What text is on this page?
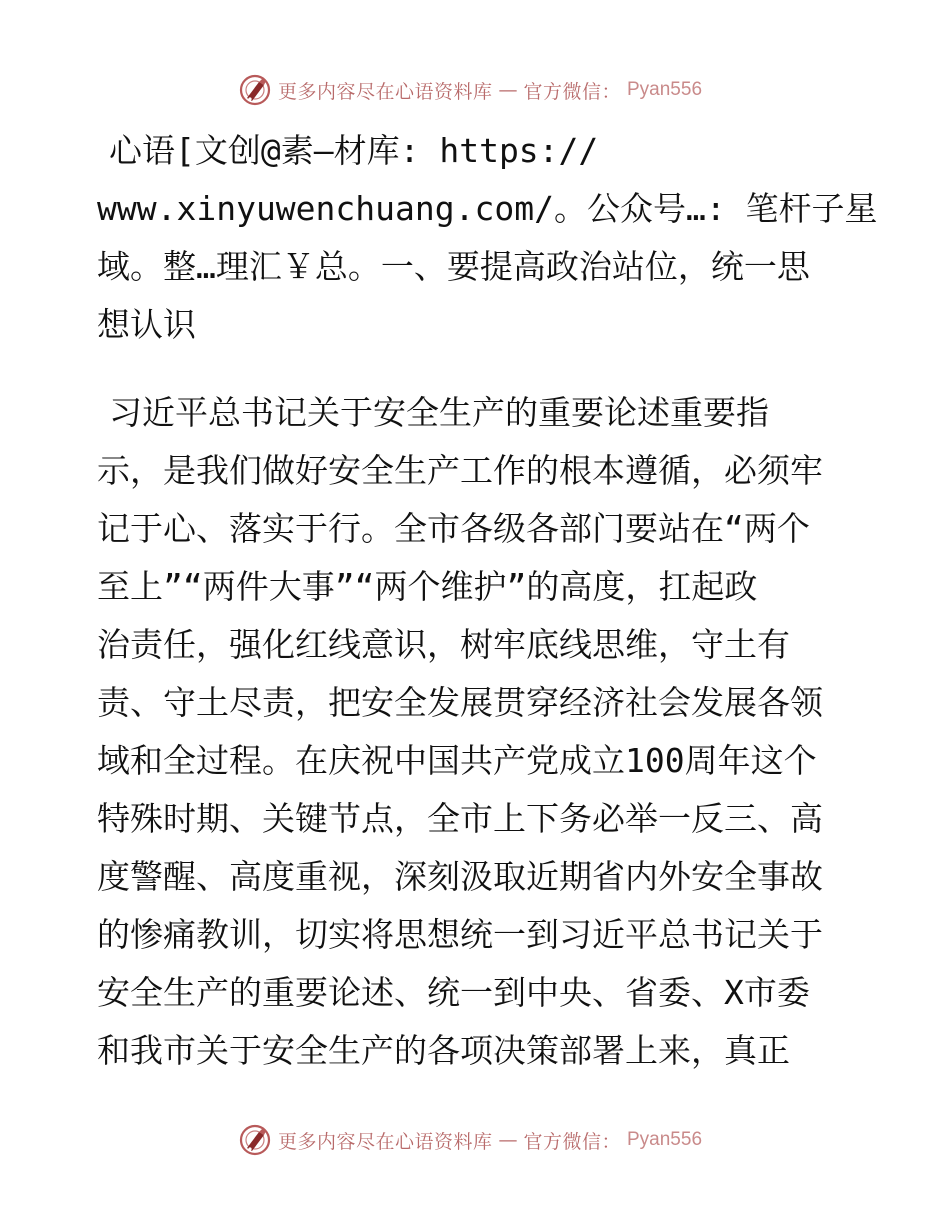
更多内容尽在心语资料库 — 官方微信： Pyan556

心语[文创@素—材库: https://
www.xinyuwenchuang.com/。公众号…: 笔杆子星
域。整…理汇￥总。一、要提高政治站位，统一思
想认识

习近平总书记关于安全生产的重要论述重要指
示，是我们做好安全生产工作的根本遵循，必须牢
记于心、落实于行。全市各级各部门要站在“两个
至上”“两件大事”“两个维护”的高度，扛起政
治责任，强化红线意识，树牢底线思维，守土有
责、守土尽责，把安全发展贯穿经济社会发展各领
域和全过程。在庆祝中国共产党成立100周年这个
特殊时期、关键节点，全市上下务必举一反三、高
度警醒、高度重视，深刻汲取近期省内外安全事故
的惨痛教训，切实将思想统一到习近平总书记关于
安全生产的重要论述、统一到中央、省委、X市委
和我市关于安全生产的各项决策部署上来，真正

更多内容尽在心语资料库 — 官方微信： Pyan556
